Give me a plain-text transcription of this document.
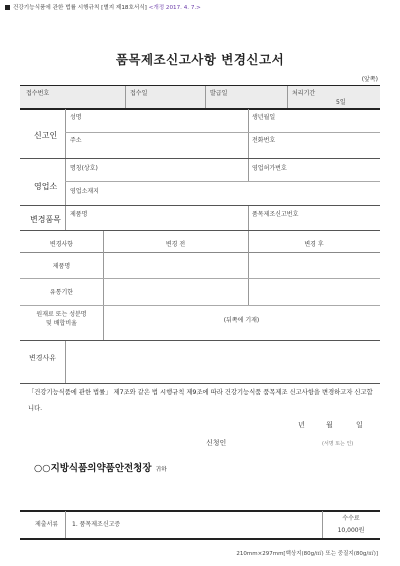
건강기능식품에 관한 법률 시행규칙 [별지 제18호서식] <개정 2017. 4. 7.>
품목제조신고사항 변경신고서
(앞쪽)
접수번호	접수일	발급일	처리기간
5일
신고인
성명	생년월일
주소	전화번호
영업소
명칭(상호)	영업허가번호
영업소재지
변경품목
제품명	품목제조신고번호
변경사항	변경 전	변경 후
제품명
유통기한
원재료 또는 성분명
및 배합비율	(뒤쪽에 기재)
변경사유
「건강기능식품에 관한 법률」 제7조와 같은 법 시행규칙 제9조에 따라 건강기능식품 품목제조 신고사항을 변경하고자 신고합니다.
년	월	일
신청인	(서명 또는 인)
○○지방식품의약품안전청장 귀하
제출서류 1. 품목제조신고증
수수료
10,000원
210mm×297mm[백상지(80g/㎡) 또는 중질지(80g/㎡)]
